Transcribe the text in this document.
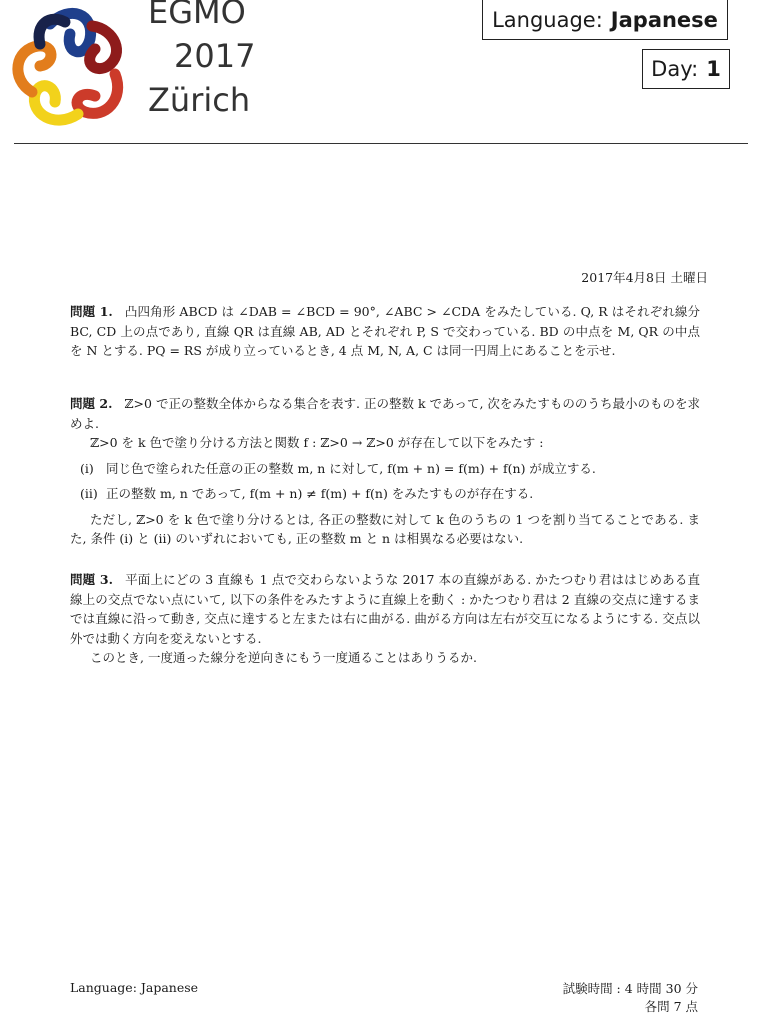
EGMO
2017
Zürich
Language: Japanese
Day: 1
2017年4月8日 土曜日

問題 1. 凸四角形 ABCD は ∠DAB = ∠BCD = 90°, ∠ABC > ∠CDA をみたしている. Q, R はそれぞれ線分 BC, CD 上の点であり, 直線 QR は直線 AB, AD とそれぞれ P, S で交わっている. BD の中点を M, QR の中点を N とする. PQ = RS が成り立っているとき, 4 点 M, N, A, C は同一円周上にあることを示せ.

問題 2. ℤ>0 で正の整数全体からなる集合を表す. 正の整数 k であって, 次をみたすもののうち最小のものを求めよ.

ℤ>0 を k 色で塗り分ける方法と関数 f : ℤ>0 → ℤ>0 が存在して以下をみたす :

(i) 同じ色で塗られた任意の正の整数 m, n に対して, f(m + n) = f(m) + f(n) が成立する.
(ii) 正の整数 m, n であって, f(m + n) ≠ f(m) + f(n) をみたすものが存在する.

ただし, ℤ>0 を k 色で塗り分けるとは, 各正の整数に対して k 色のうちの 1 つを割り当てることである. また, 条件 (i) と (ii) のいずれにおいても, 正の整数 m と n は相異なる必要はない.

問題 3. 平面上にどの 3 直線も 1 点で交わらないような 2017 本の直線がある. かたつむり君ははじめある直線上の交点でない点にいて, 以下の条件をみたすように直線上を動く : かたつむり君は 2 直線の交点に達するまでは直線に沿って動き, 交点に達すると左または右に曲がる. 曲がる方向は左右が交互になるようにする. 交点以外では動く方向を変えないとする.

このとき, 一度通った線分を逆向きにもう一度通ることはありうるか.

Language: Japanese	試験時間 : 4 時間 30 分
各問 7 点
